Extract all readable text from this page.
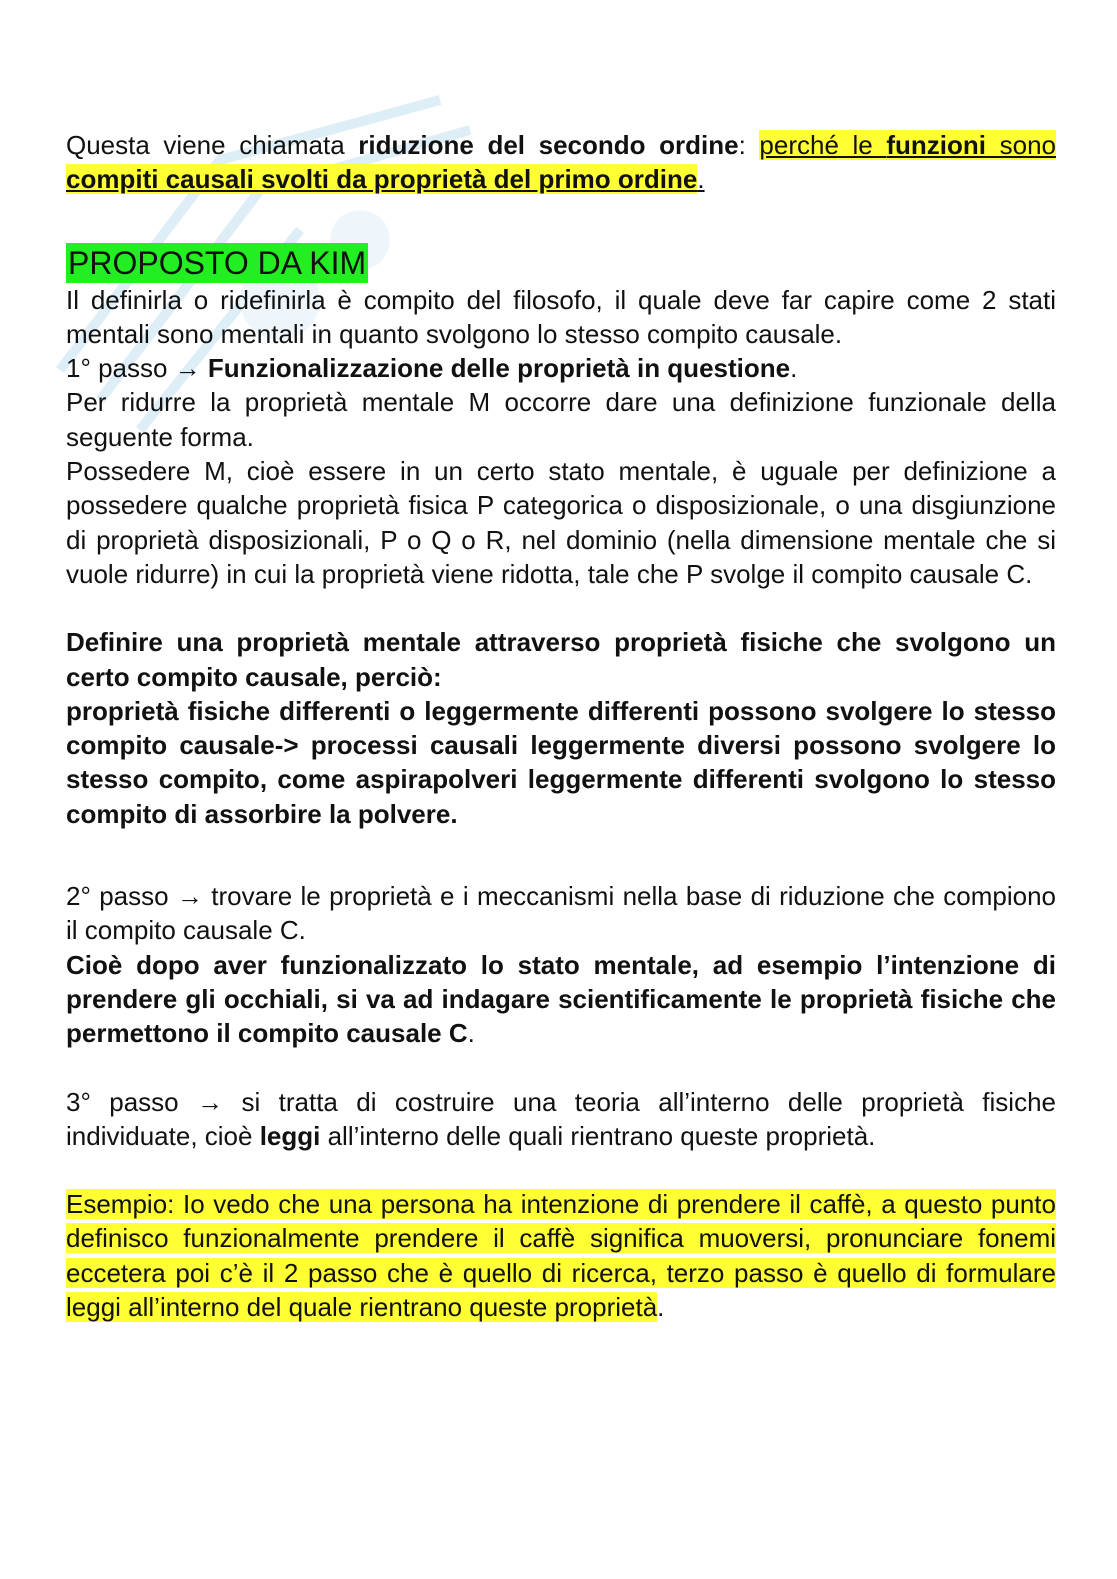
Questa viene chiamata riduzione del secondo ordine: perché le funzioni sono compiti causali svolti da proprietà del primo ordine.

PROPOSTO DA KIM

Il definirla o ridefinirla è compito del filosofo, il quale deve far capire come 2 stati mentali sono mentali in quanto svolgono lo stesso compito causale.

1° passo → Funzionalizzazione delle proprietà in questione.

Per ridurre la proprietà mentale M occorre dare una definizione funzionale della seguente forma.

Possedere M, cioè essere in un certo stato mentale, è uguale per definizione a possedere qualche proprietà fisica P categorica o disposizionale, o una disgiunzione di proprietà disposizionali, P o Q o R, nel dominio (nella dimensione mentale che si vuole ridurre) in cui la proprietà viene ridotta, tale che P svolge il compito causale C.

Definire una proprietà mentale attraverso proprietà fisiche che svolgono un certo compito causale, perciò:

proprietà fisiche differenti o leggermente differenti possono svolgere lo stesso compito causale-> processi causali leggermente diversi possono svolgere lo stesso compito, come aspirapolveri leggermente differenti svolgono lo stesso compito di assorbire la polvere.

2° passo → trovare le proprietà e i meccanismi nella base di riduzione che compiono il compito causale C.

Cioè dopo aver funzionalizzato lo stato mentale, ad esempio l’intenzione di prendere gli occhiali, si va ad indagare scientificamente le proprietà fisiche che permettono il compito causale C.

3° passo → si tratta di costruire una teoria all’interno delle proprietà fisiche individuate, cioè leggi all’interno delle quali rientrano queste proprietà.

Esempio: Io vedo che una persona ha intenzione di prendere il caffè, a questo punto definisco funzionalmente prendere il caffè significa muoversi, pronunciare fonemi eccetera poi c’è il 2 passo che è quello di ricerca, terzo passo è quello di formulare leggi all’interno del quale rientrano queste proprietà.
